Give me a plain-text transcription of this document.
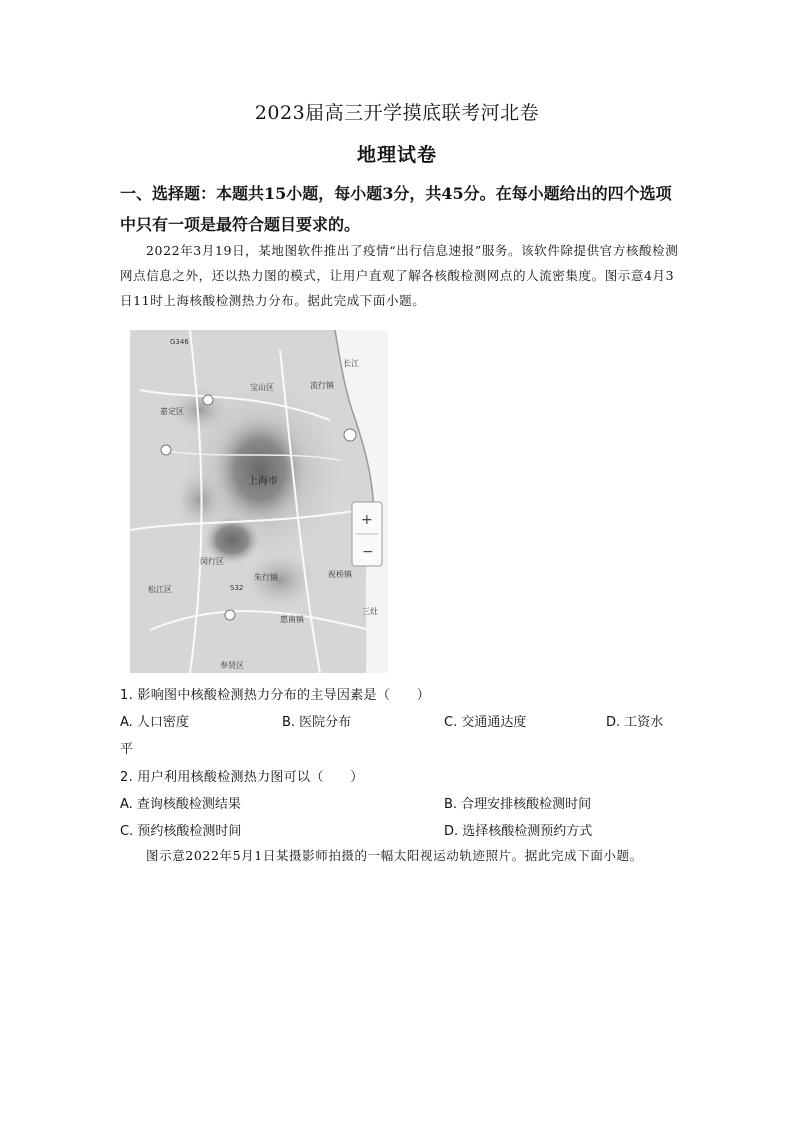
2023届高三开学摸底联考河北卷
地理试卷
一、选择题：本题共15小题，每小题3分，共45分。在每小题给出的四个选项中只有一项是最符合题目要求的。
2022年3月19日，某地图软件推出了疫情“出行信息速报”服务。该软件除提供官方核酸检测网点信息之外，还以热力图的模式，让用户直观了解各核酸检测网点的人流密集度。图示意4月3日11时上海核酸检测热力分布。据此完成下面小题。
G346
长江
宝山区	流行镇
嘉定区
上海市
闵行区
松江区
奉贤区
祝桥镇
惠南镇
三灶
朱行镇
S32
+
−
1. 影响图中核酸检测热力分布的主导因素是（　　）
A. 人口密度	B. 医院分布	C. 交通通达度	D. 工资水
平
2. 用户利用核酸检测热力图可以（　　）
A. 查询核酸检测结果	B. 合理安排核酸检测时间
C. 预约核酸检测时间	D. 选择核酸检测预约方式
图示意2022年5月1日某摄影师拍摄的一幅太阳视运动轨迹照片。据此完成下面小题。
